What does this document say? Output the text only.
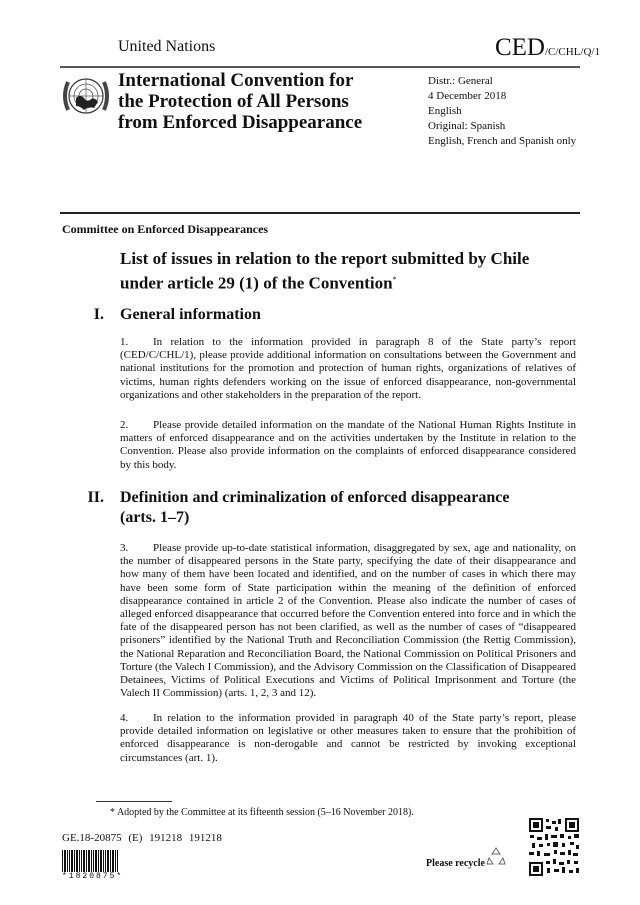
United Nations	CED/C/CHL/Q/1
International Convention for
the Protection of All Persons
from Enforced Disappearance
Distr.: General
4 December 2018
English
Original: Spanish
English, French and Spanish only
Committee on Enforced Disappearances
List of issues in relation to the report submitted by Chile
under article 29 (1) of the Convention*
I. General information
1. In relation to the information provided in paragraph 8 of the State party’s report (CED/C/CHL/1), please provide additional information on consultations between the Government and national institutions for the promotion and protection of human rights, organizations of relatives of victims, human rights defenders working on the issue of enforced disappearance, non-governmental organizations and other stakeholders in the preparation of the report.
2. Please provide detailed information on the mandate of the National Human Rights Institute in matters of enforced disappearance and on the activities undertaken by the Institute in relation to the Convention. Please also provide information on the complaints of enforced disappearance considered by this body.
II. Definition and criminalization of enforced disappearance
(arts. 1–7)
3. Please provide up-to-date statistical information, disaggregated by sex, age and nationality, on the number of disappeared persons in the State party, specifying the date of their disappearance and how many of them have been located and identified, and on the number of cases in which there may have been some form of State participation within the meaning of the definition of enforced disappearance contained in article 2 of the Convention. Please also indicate the number of cases of alleged enforced disappearance that occurred before the Convention entered into force and in which the fate of the disappeared person has not been clarified, as well as the number of cases of “disappeared prisoners” identified by the National Truth and Reconciliation Commission (the Rettig Commission), the National Reparation and Reconciliation Board, the National Commission on Political Prisoners and Torture (the Valech I Commission), and the Advisory Commission on the Classification of Disappeared Detainees, Victims of Political Executions and Victims of Political Imprisonment and Torture (the Valech II Commission) (arts. 1, 2, 3 and 12).
4. In relation to the information provided in paragraph 40 of the State party’s report, please provide detailed information on legislative or other measures taken to ensure that the prohibition of enforced disappearance is non-derogable and cannot be restricted by invoking exceptional circumstances (art. 1).
* Adopted by the Committee at its fifteenth session (5–16 November 2018).
GE.18-20875 (E) 191218 191218
*1820875*
Please recycle
